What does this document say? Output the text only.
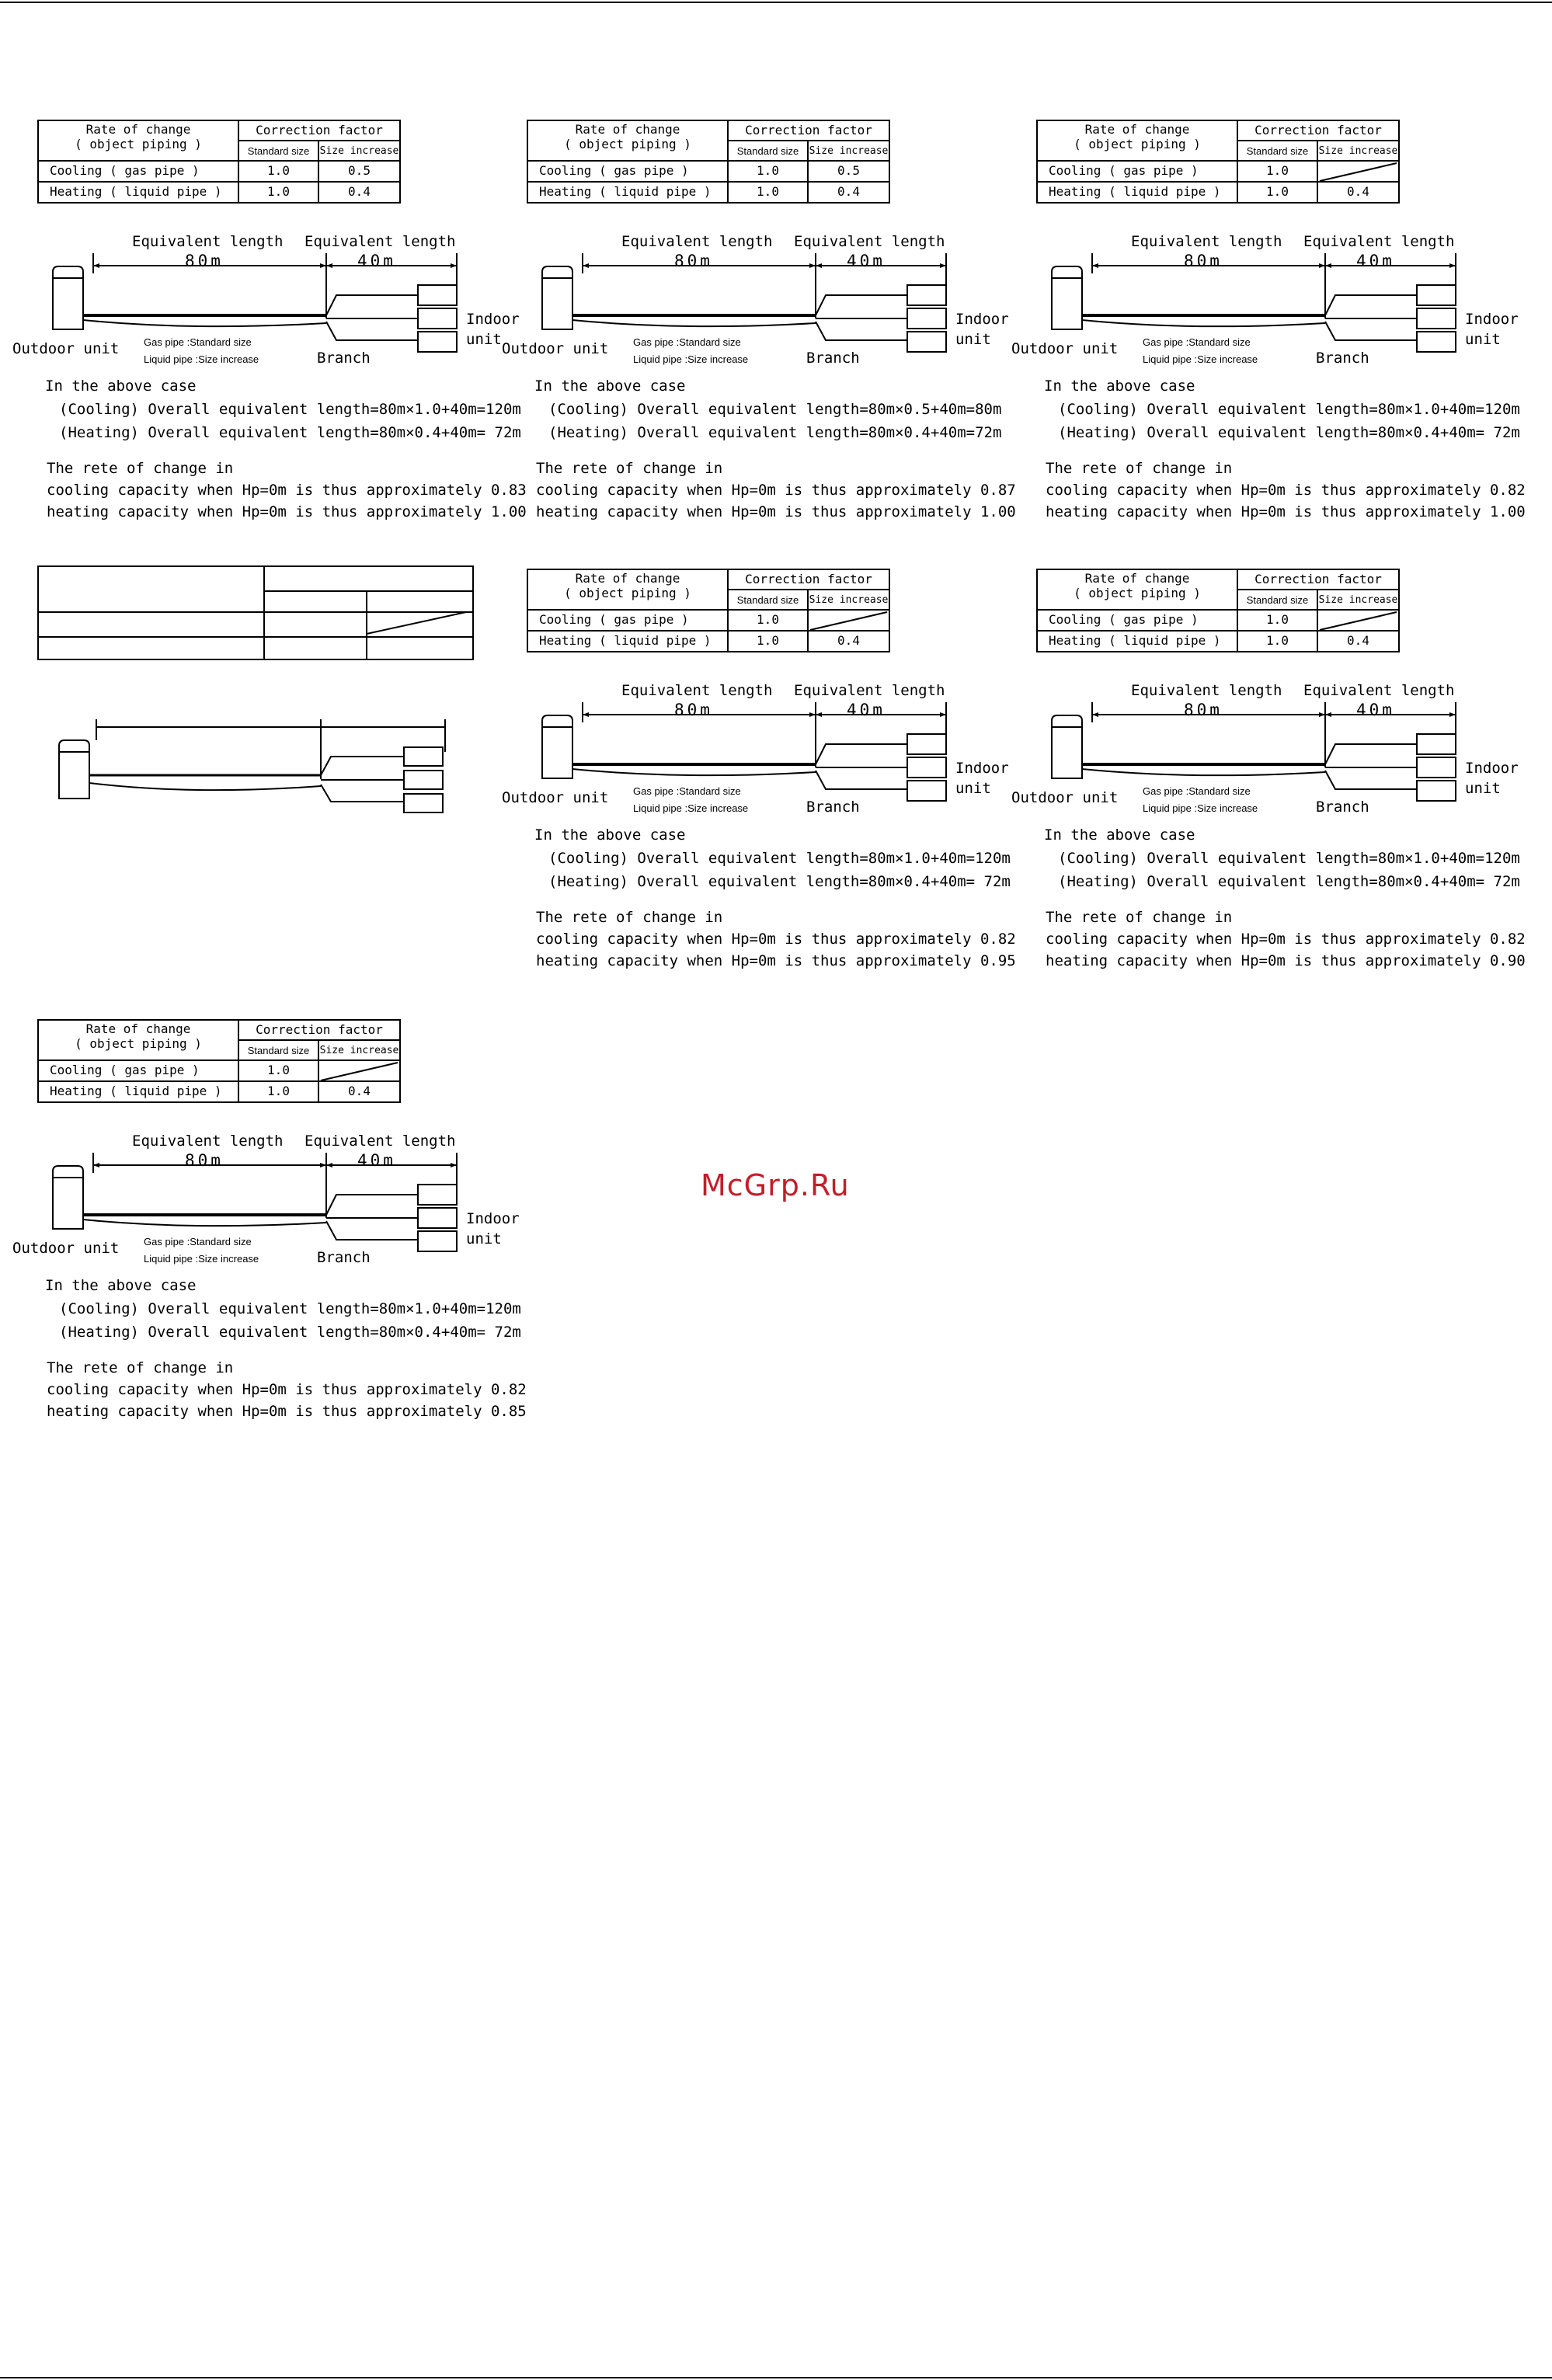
Rate of change
( object piping )
Correction factor
Standard size	Size increase
Cooling ( gas pipe )	1.0	0.5
Heating ( liquid pipe )	1.0	0.4
Equivalent length Equivalent length
80m	40m
Outdoor unit
Indoor
unit
Branch
Gas pipe :Standard size
Liquid pipe :Size increase
In the above case
(Cooling) Overall equivalent length=80m×1.0+40m=120m
(Heating) Overall equivalent length=80m×0.4+40m= 72m
The rete of change in
cooling capacity when Hp=0m is thus approximately 0.83
heating capacity when Hp=0m is thus approximately 1.00
Rate of change
( object piping )
Correction factor
Standard size	Size increase
Cooling ( gas pipe )	1.0	0.5
Heating ( liquid pipe )	1.0	0.4
Equivalent length Equivalent length
80m	40m
Outdoor unit
Indoor
unit
Branch
Gas pipe :Standard size
Liquid pipe :Size increase
In the above case
(Cooling) Overall equivalent length=80m×0.5+40m=80m
(Heating) Overall equivalent length=80m×0.4+40m=72m
The rete of change in
cooling capacity when Hp=0m is thus approximately 0.87
heating capacity when Hp=0m is thus approximately 1.00
Rate of change
( object piping )
Correction factor
Standard size	Size increase
Cooling ( gas pipe )	1.0
Heating ( liquid pipe )	1.0	0.4
Equivalent length Equivalent length
80m	40m
Outdoor unit
Indoor
unit
Branch
Gas pipe :Standard size
Liquid pipe :Size increase
In the above case
(Cooling) Overall equivalent length=80m×1.0+40m=120m
(Heating) Overall equivalent length=80m×0.4+40m= 72m
The rete of change in
cooling capacity when Hp=0m is thus approximately 0.82
heating capacity when Hp=0m is thus approximately 1.00
Rate of change
( object piping )
Correction factor
Standard size	Size increase
Cooling ( gas pipe )	1.0
Heating ( liquid pipe )	1.0	0.4
Equivalent length Equivalent length
80m	40m
Outdoor unit
Indoor
unit
Branch
Gas pipe :Standard size
Liquid pipe :Size increase
In the above case
(Cooling) Overall equivalent length=80m×1.0+40m=120m
(Heating) Overall equivalent length=80m×0.4+40m= 72m
The rete of change in
cooling capacity when Hp=0m is thus approximately 0.82
heating capacity when Hp=0m is thus approximately 0.95
Rate of change
( object piping )
Correction factor
Standard size	Size increase
Cooling ( gas pipe )	1.0
Heating ( liquid pipe )	1.0	0.4
Equivalent length Equivalent length
80m	40m
Outdoor unit
Indoor
unit
Branch
Gas pipe :Standard size
Liquid pipe :Size increase
In the above case
(Cooling) Overall equivalent length=80m×1.0+40m=120m
(Heating) Overall equivalent length=80m×0.4+40m= 72m
The rete of change in
cooling capacity when Hp=0m is thus approximately 0.82
heating capacity when Hp=0m is thus approximately 0.90
Rate of change
( object piping )
Correction factor
Standard size	Size increase
Cooling ( gas pipe )	1.0
Heating ( liquid pipe )	1.0	0.4
Equivalent length Equivalent length
80m	40m
Outdoor unit
Indoor
unit
Branch
Gas pipe :Standard size
Liquid pipe :Size increase
In the above case
(Cooling) Overall equivalent length=80m×1.0+40m=120m
(Heating) Overall equivalent length=80m×0.4+40m= 72m
The rete of change in
cooling capacity when Hp=0m is thus approximately 0.82
heating capacity when Hp=0m is thus approximately 0.85
McGrp.Ru
